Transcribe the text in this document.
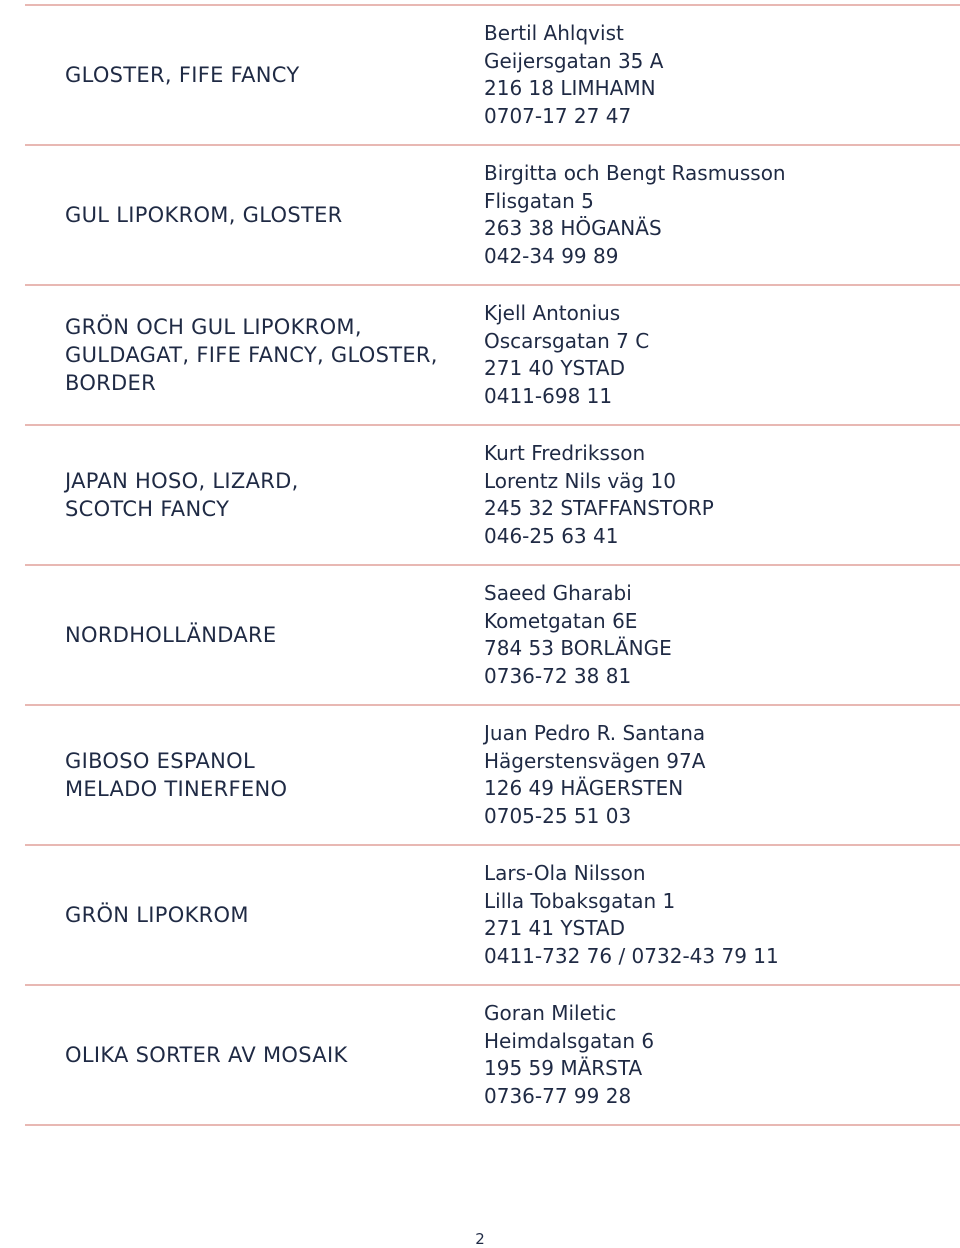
GLOSTER, FIFE FANCY
Bertil Ahlqvist
Geijersgatan 35 A
216 18 LIMHAMN
0707-17 27 47
GUL LIPOKROM, GLOSTER
Birgitta och Bengt Rasmusson
Flisgatan 5
263 38 HÖGANÄS
042-34 99 89
GRÖN OCH GUL LIPOKROM,
GULDAGAT, FIFE FANCY, GLOSTER,
BORDER
Kjell Antonius
Oscarsgatan 7 C
271 40 YSTAD
0411-698 11
JAPAN HOSO, LIZARD,
SCOTCH FANCY
Kurt Fredriksson
Lorentz Nils väg 10
245 32 STAFFANSTORP
046-25 63 41
NORDHOLLÄNDARE
Saeed Gharabi
Kometgatan 6E
784 53 BORLÄNGE
0736-72 38 81
GIBOSO ESPANOL
MELADO TINERFENO
Juan Pedro R. Santana
Hägerstensvägen 97A
126 49 HÄGERSTEN
0705-25 51 03
GRÖN LIPOKROM
Lars-Ola Nilsson
Lilla Tobaksgatan 1
271 41 YSTAD
0411-732 76 / 0732-43 79 11
OLIKA SORTER AV MOSAIK
Goran Miletic
Heimdalsgatan 6
195 59 MÄRSTA
0736-77 99 28
2
